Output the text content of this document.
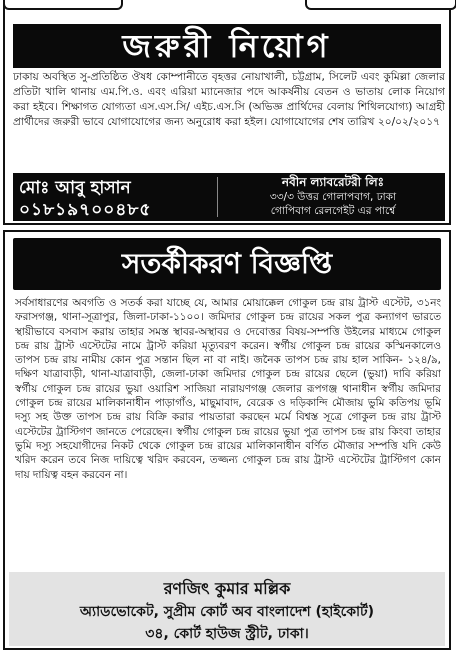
জরুরী নিয়োগ
ঢাকায় অবস্থিত সু-প্রতিষ্ঠিত ঔষধ কোম্পানীতে বৃহত্তর নোয়াখালী, চট্টগ্রাম, সিলেট এবং কুমিল্লা জেলার প্রতিটা খালি থানায় এম.পি.ও. এবং এরিয়া ম্যানেজার পদে আকর্ষনীয় বেতন ও ভাতায় লোক নিয়োগ করা হইবে। শিক্ষাগত যোগ্যতা এস.এস.সি/ এইচ.এস.সি (অভিজ্ঞ প্রার্থিদের বেলায় শিথিলযোগ্য) আগ্রহী প্রার্থীদের জরুরী ভাবে যোগাযোগের জন্য অনুরোধ করা হইল। যোগাযোগের শেষ তারিখ ২০/০২/২০১৭
মোঃ আবু হাসান
০১৮১৯৭০০৪৮৫
নবীন ল্যাবরেটরী লিঃ
৩৩/৩ উত্তর গোলাপবাগ, ঢাকা
গোপিবাগ রেলগেইট এর পার্শ্বে
সতর্কীকরণ বিজ্ঞপ্তি
সর্বসাধারণের অবগতি ও সতর্ক করা যাচ্ছে যে, আমার মোয়াক্কেল গোকুল চন্দ্র রায় ট্রাস্ট এস্টেট, ৩১নং ফরাসগঞ্জ, থানা-সূত্রাপুর, জিলা-ঢাকা-১১০০। জমিদার গোকুল চন্দ্র রায়ের সকল পুত্র কন্যাগণ ভারতে স্থায়ীভাবে বসবাস করায় তাহার সমস্ত স্থাবর-অস্থাবর ও দেবোত্তর বিষয়-সম্পত্তি উইলের মাধ্যমে গোকুল চন্দ্র রায় ট্রাস্ট এস্টেটের নামে ট্রাস্ট করিয়া মৃত্যুবরণ করেন। স্বর্গীয় গোকুল চন্দ্র রায়ের কস্মিনকালেও তাপস চন্দ্র রায় নামীয় কোন পুত্র সন্তান ছিল না বা নাই। জনৈক তাপস চন্দ্র রায় হাল সাকিন- ১২৪/৯, দক্ষিণ যাত্রাবাড়ী, থানা-যাত্রাবাড়ী, জেলা-ঢাকা জমিদার গোকুল চন্দ্র রায়ের ছেলে (ভুয়া) দাবি করিয়া স্বর্গীয় গোকুল চন্দ্র রায়ের ভুয়া ওয়ারিশ সাজিয়া নারায়ণগঞ্জ জেলার রূপগঞ্জ থানাধীন স্বর্গীয় জমিদার গোকুল চন্দ্র রায়ের মালিকানাধীন পাড়াগাঁও, মাছুমাবাদ, বেরেক ও দড়িকান্দি মৌজায় ভুমি কতিপয় ভূমি দস্যু সহ উক্ত তাপস চন্দ্র রায় বিক্রি করার পায়তারা করছেন মর্মে বিশ্বস্ত সূত্রে গোকুল চন্দ্র রায় ট্রাস্ট এস্টেটের ট্রাস্টিগণ জানতে পেরেছেন। স্বর্গীয় গোকুল চন্দ্র রায়ের ভুয়া পুত্র তাপস চন্দ্র রায় কিংবা তাহার ভুমি দস্যু সহযোগীদের নিকট থেকে গোকুল চন্দ্র রায়ের মালিকানাধীন বর্ণিত মৌজার সম্পত্তি যদি কেউ খরিদ করেন তবে নিজ দায়িত্বে খরিদ করবেন, তজ্জন্য গোকুল চন্দ্র রায় ট্রাস্ট এস্টেটের ট্রাস্টিগণ কোন দায় দায়িত্ব বহন করবেন না।
রণজিৎ কুমার মল্লিক
অ্যাডভোকেট, সুপ্রীম কোর্ট অব বাংলাদেশ (হাইকোর্ট)
৩৪, কোর্ট হাউজ স্ট্রীট, ঢাকা।
